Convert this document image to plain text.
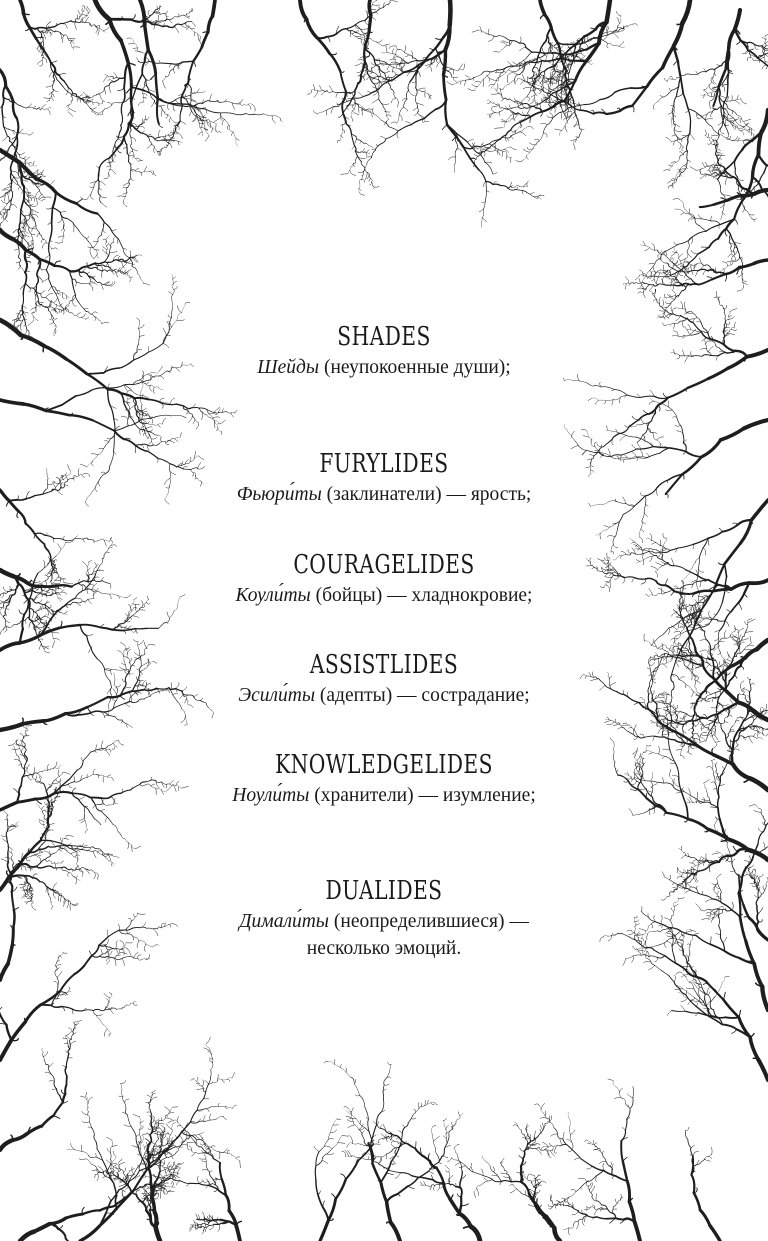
SHADES
Шейды (неупокоенные души);
FURYLIDES
Фьюри́ты (заклинатели) — ярость;
COURAGELIDES
Коули́ты (бойцы) — хладнокровие;
ASSISTLIDES
Эсили́ты (адепты) — сострадание;
KNOWLEDGELIDES
Ноули́ты (хранители) — изумление;
DUALIDES
Димали́ты (неопределившиеся) —
несколько эмоций.
